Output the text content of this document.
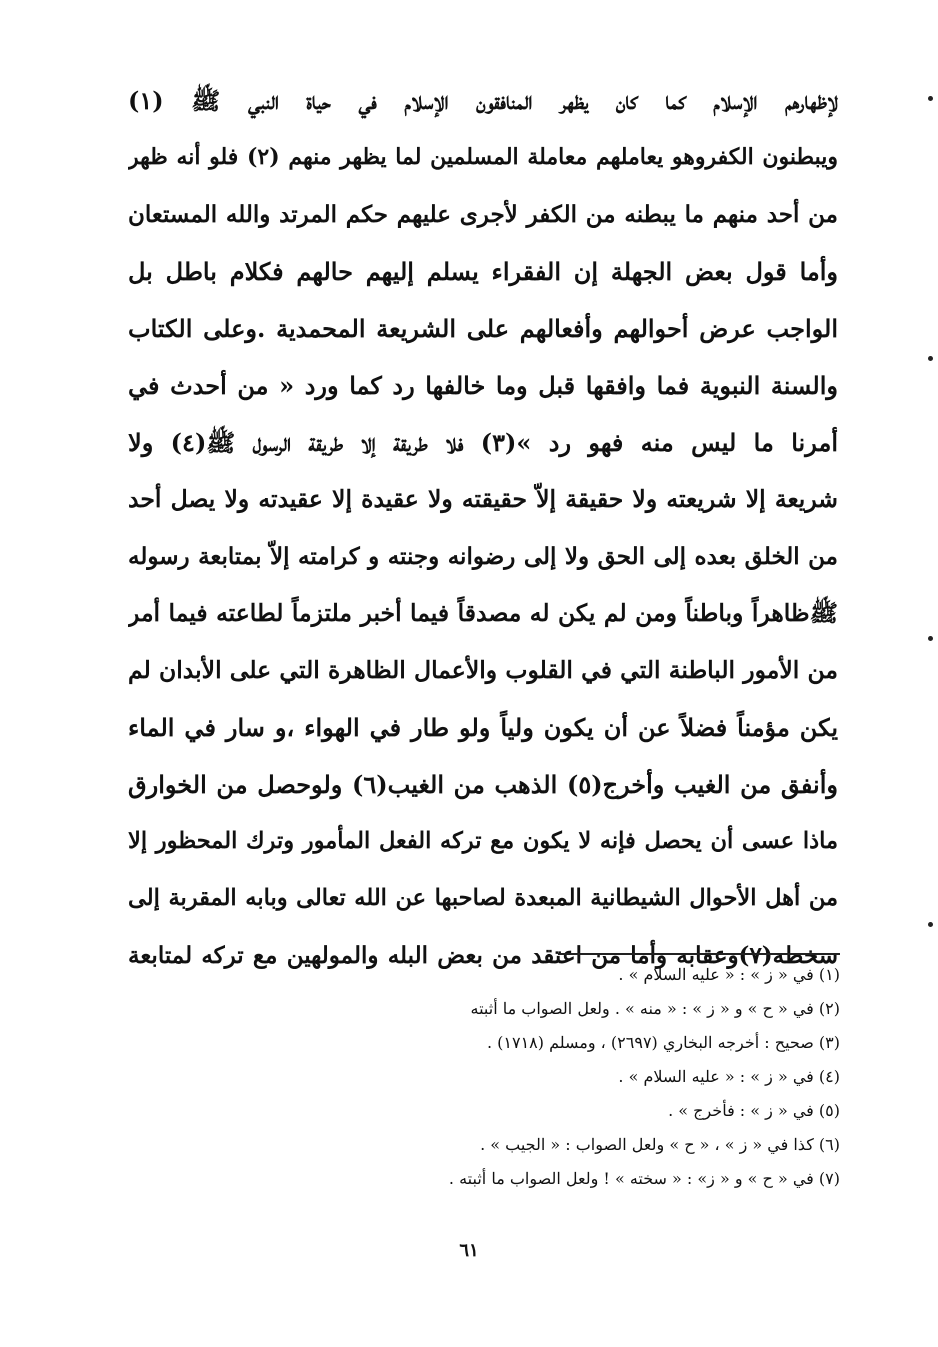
لإظهارهم الإسلام كما كان يظهر المنافقون الإسلام في حياة النبي ﷺ (١)
ويبطنون الكفروهو يعاملهم معاملة المسلمين لما يظهر منهم (٢) فلو أنه ظهر
من أحد منهم ما يبطنه من الكفر لأجرى عليهم حكم المرتد والله المستعان
وأما قول بعض الجهلة إن الفقراء يسلم إليهم حالهم فكلام باطل بل
الواجب عرض أحوالهم وأفعالهم على الشريعة المحمدية .وعلى الكتاب
والسنة النبوية فما وافقها قبل وما خالفها رد كما ورد « من أحدث في
أمرنا ما ليس منه فهو رد »(٣) فلا طريقة إلا طريقة الرسول ﷺ(٤) ولا
شريعة إلا شريعته ولا حقيقة إلاّ حقيقته ولا عقيدة إلا عقيدته ولا يصل أحد
من الخلق بعده إلى الحق ولا إلى رضوانه وجنته و كرامته إلاّ بمتابعة رسوله
ﷺظاهراً وباطناً ومن لم يكن له مصدقاً فيما أخبر ملتزماً لطاعته فيما أمر
من الأمور الباطنة التي في القلوب والأعمال الظاهرة التي على الأبدان لم
يكن مؤمناً فضلاً عن أن يكون ولياً ولو طار في الهواء ،و سار في الماء
وأنفق من الغيب وأخرج(٥) الذهب من الغيب(٦) ولوحصل من الخوارق
ماذا عسى أن يحصل فإنه لا يكون مع تركه الفعل المأمور وترك المحظور إلا
من أهل الأحوال الشيطانية المبعدة لصاحبها عن الله تعالى وبابه المقربة إلى
سخطه(٧)وعقابه وأما من اعتقد من بعض البله والمولهين مع تركه لمتابعة
(١) في « ز » : « عليه السلام » .
(٢) في « ح » و « ز » : « منه » . ولعل الصواب ما أثبته
(٣) صحيح : أخرجه البخاري (٢٦٩٧) ، ومسلم (١٧١٨) .
(٤) في « ز » : « عليه السلام » .
(٥) في « ز » : فأخرج » .
(٦) كذا في « ز » ، « ح » ولعل الصواب : « الجيب » .
(٧) في « ح » و « ز» : « سخته » ! ولعل الصواب ما أثبته .
٦١
